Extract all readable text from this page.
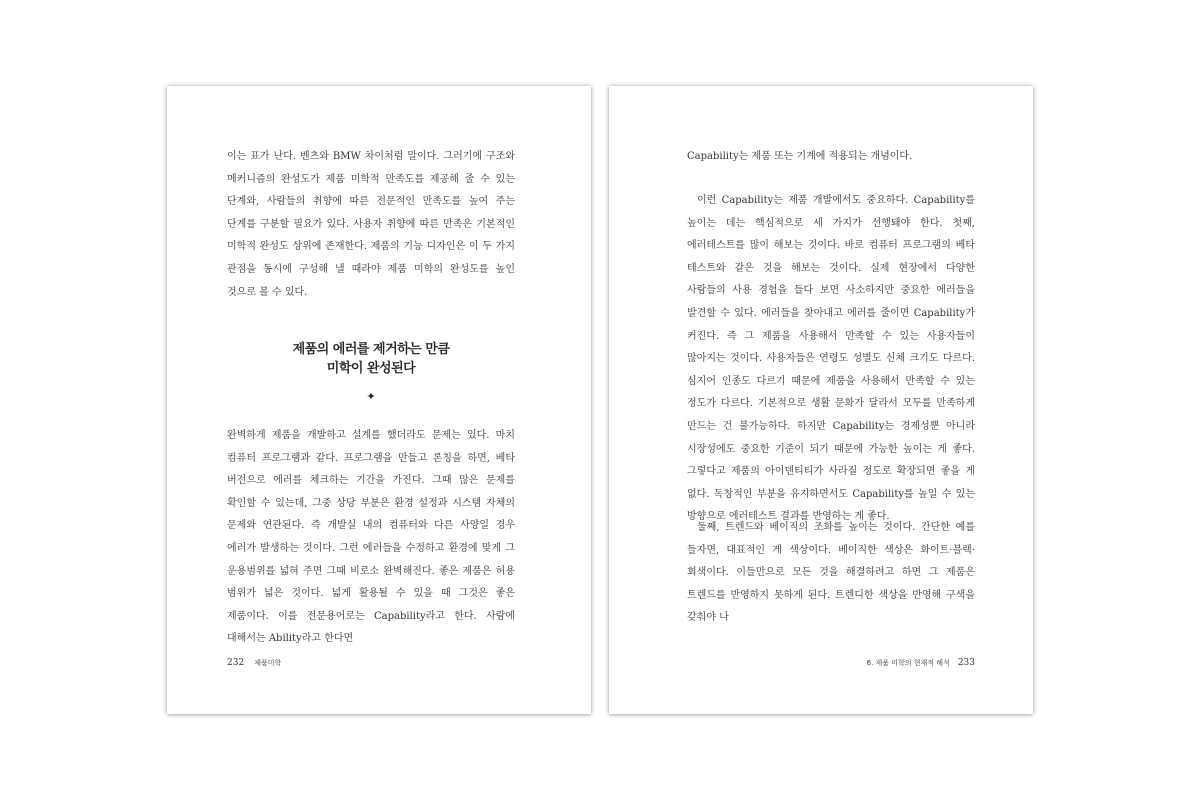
이는 표가 난다. 벤츠와 BMW 차이처럼 말이다. 그러기에 구조와 메커니즘의 완성도가 제품 미학적 만족도를 제공해 줄 수 있는 단계와, 사람들의 취향에 따른 전문적인 만족도를 높여 주는 단계를 구분할 필요가 있다. 사용자 취향에 따른 만족은 기본적인 미학적 완성도 상위에 존재한다. 제품의 기능 디자인은 이 두 가지 관점을 동시에 구성해 낼 때라야 제품 미학의 완성도를 높인 것으로 볼 수 있다.

제품의 에러를 제거하는 만큼
미학이 완성된다
✦

완벽하게 제품을 개발하고 설계를 했더라도 문제는 있다. 마치 컴퓨터 프로그램과 같다. 프로그램을 만들고 론칭을 하면, 베타 버전으로 에러를 체크하는 기간을 가진다. 그때 많은 문제를 확인할 수 있는데, 그중 상당 부분은 환경 설정과 시스템 자체의 문제와 연관된다. 즉 개발실 내의 컴퓨터와 다른 사양일 경우 에러가 발생하는 것이다. 그런 에러들을 수정하고 환경에 맞게 그 운용범위를 넓혀 주면 그때 비로소 완벽해진다. 좋은 제품은 허용 범위가 넓은 것이다. 넓게 활용될 수 있을 때 그것은 좋은 제품이다. 이를 전문용어로는 Capability라고 한다. 사람에 대해서는 Ability라고 한다면

232 제품미학

Capability는 제품 또는 기계에 적용되는 개념이다.

이런 Capability는 제품 개발에서도 중요하다. Capability를 높이는 데는 핵심적으로 세 가지가 선행돼야 한다. 첫째, 에러테스트를 많이 해보는 것이다. 바로 컴퓨터 프로그램의 베타 테스트와 같은 것을 해보는 것이다. 실제 현장에서 다양한 사람들의 사용 경험을 들다 보면 사소하지만 중요한 에러들을 발견할 수 있다. 에러들을 찾아내고 에러를 줄이면 Capability가 커진다. 즉 그 제품을 사용해서 만족할 수 있는 사용자들이 많아지는 것이다. 사용자들은 연령도 성별도 신체 크기도 다르다. 심지어 인종도 다르기 때문에 제품을 사용해서 만족할 수 있는 정도가 다르다. 기본적으로 생활 문화가 달라서 모두를 만족하게 만드는 건 불가능하다. 하지만 Capability는 경제성뿐 아니라 시장성에도 중요한 기준이 되기 때문에 가능한 높이는 게 좋다. 그렇다고 제품의 아이덴티티가 사라질 정도로 확장되면 좋을 게 없다. 독창적인 부분을 유지하면서도 Capability를 높일 수 있는 방향으로 에러테스트 결과를 반영하는 게 좋다.

둘째, 트렌드와 베이직의 조화를 높이는 것이다. 간단한 예를 들자면, 대표적인 게 색상이다. 베이직한 색상은 화이트·블랙·회색이다. 이들만으로 모든 것을 해결하려고 하면 그 제품은 트렌드를 반영하지 못하게 된다. 트렌디한 색상을 반영해 구색을 갖춰야 나

6. 제품 미학의 현재적 해석 233
